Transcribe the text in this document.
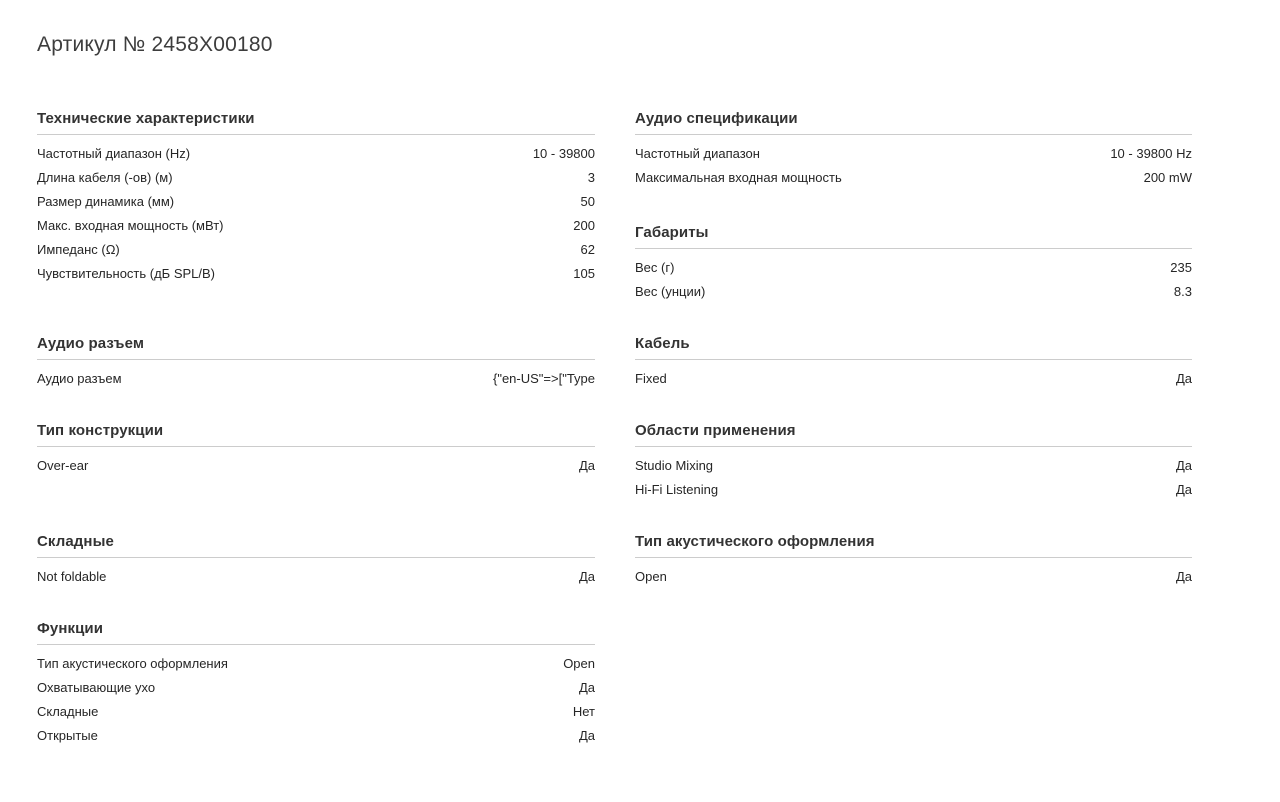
Артикул № 2458X00180
Технические характеристики
Частотный диапазон (Hz)	10 - 39800
Длина кабеля (-ов) (м)	3
Размер динамика (мм)	50
Макс. входная мощность (мВт)	200
Импеданс (Ω)	62
Чувствительность (дБ SPL/В)	105
Аудио спецификации
Частотный диапазон	10 - 39800 Hz
Максимальная входная мощность	200 mW
Габариты
Вес (г)	235
Вес (унции)	8.3
Аудио разъем
Аудио разъем	{"en-US"=>["Type
Кабель
Fixed	Да
Тип конструкции
Over-ear	Да
Области применения
Studio Mixing	Да
Hi-Fi Listening	Да
Складные
Not foldable	Да
Тип акустического оформления
Open	Да
Функции
Тип акустического оформления	Open
Охватывающие ухо	Да
Складные	Нет
Открытые	Да
